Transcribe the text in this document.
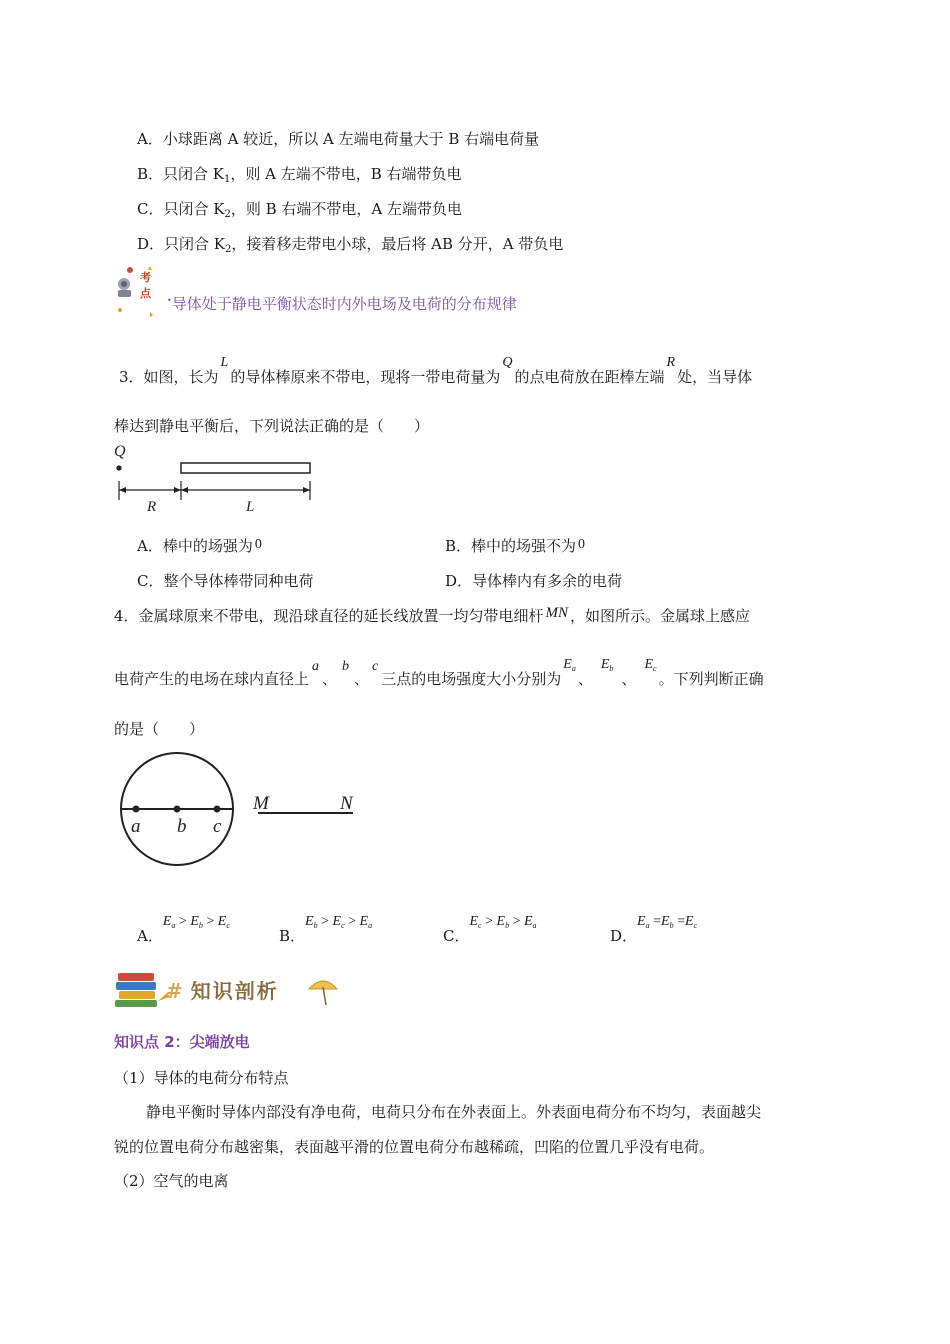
A．小球距离 A 较近，所以 A 左端电荷量大于 B 右端电荷量
B．只闭合 $K_1$，则 A 左端不带电，B 右端带负电
C．只闭合 $K_2$，则 B 右端不带电，A 左端带负电
D．只闭合 $K_2$，接着移走带电小球，最后将 AB 分开，A 带负电
考
点
•导体处于静电平衡状态时内外电场及电荷的分布规律
3．如图，长为L的导体棒原来不带电，现将一带电荷量为Q的点电荷放在距棒左端R处，当导体
棒达到静电平衡后，下列说法正确的是（　　）
Q
R	L
A．棒中的场强为 0	B．棒中的场强不为 0
C．整个导体棒带同种电荷	D．导体棒内有多余的电荷
4．金属球原来不带电，现沿球直径的延长线放置一均匀带电细杆 MN ，如图所示。金属球上感应
电荷产生的电场在球内直径上a、b、c三点的电场强度大小分别为$E_a$、$E_b$、$E_c$。下列判断正确
的是（　　）
a b c
M	N
A．$E_a > E_b > E_c$
B．$E_b > E_c > E_a$
C．$E_c > E_b > E_a$
D．$E_a =E_b =E_c$
# 知识剖析
知识点 2：尖端放电
（1）导体的电荷分布特点
静电平衡时导体内部没有净电荷，电荷只分布在外表面上。外表面电荷分布不均匀，表面越尖
锐的位置电荷分布越密集，表面越平滑的位置电荷分布越稀疏，凹陷的位置几乎没有电荷。
（2）空气的电离
